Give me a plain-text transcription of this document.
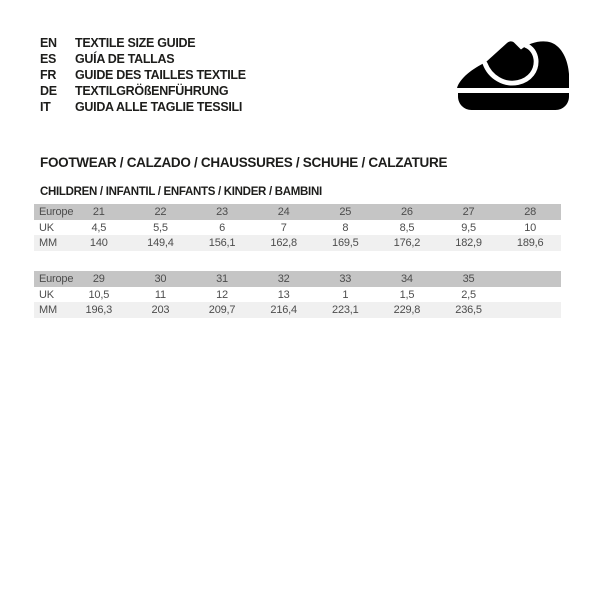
EN	TEXTILE SIZE GUIDE
ES	GUÍA DE TALLAS
FR	GUIDE DES TAILLES TEXTILE
DE	TEXTILGRÖßENFÜHRUNG
IT	GUIDA ALLE TAGLIE TESSILI
FOOTWEAR / CALZADO / CHAUSSURES / SCHUHE / CALZATURE
CHILDREN / INFANTIL / ENFANTS / KINDER / BAMBINI
Europe	21	22	23	24	25	26	27	28
UK	4,5	5,5	6	7	8	8,5	9,5	10
MM	140	149,4	156,1	162,8	169,5	176,2	182,9	189,6
Europe	29	30	31	32	33	34	35
UK	10,5	11	12	13	1	1,5	2,5
MM	196,3	203	209,7	216,4	223,1	229,8	236,5
